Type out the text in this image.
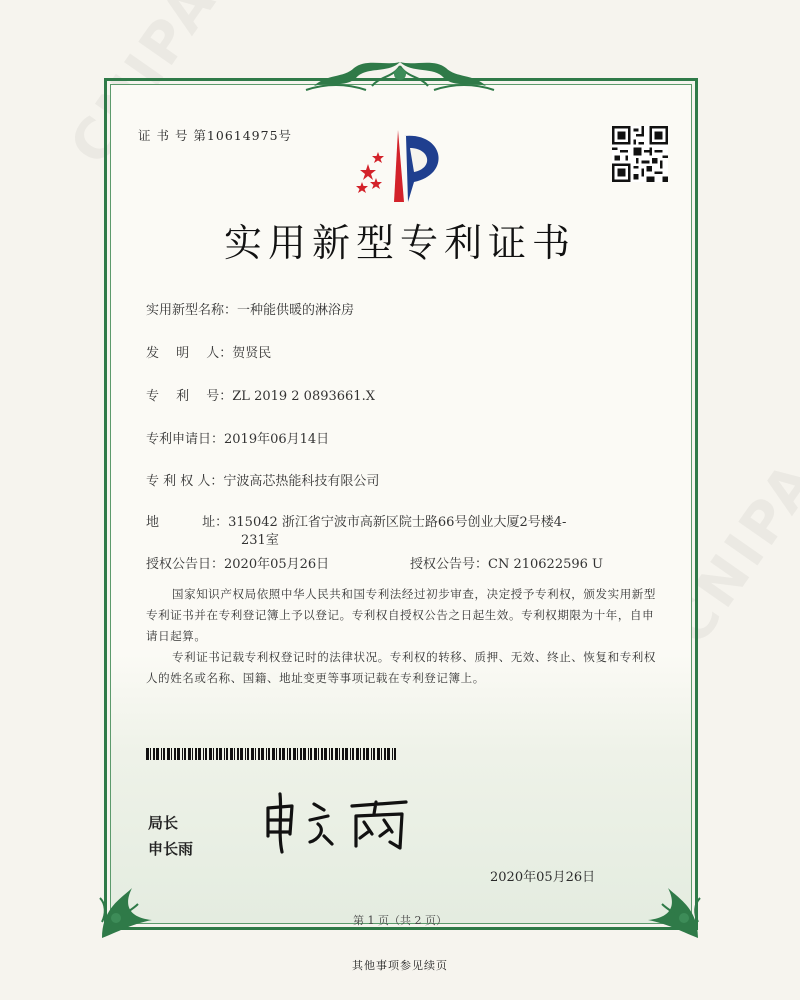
证 书 号 第10614975号
实用新型专利证书
实用新型名称：一种能供暖的淋浴房
发　 明　 人：贺贤民
专　 利　 号：ZL 2019 2 0893661.X
专利申请日：2019年06月14日
专 利 权 人：宁波高芯热能科技有限公司
地　　　 址：315042 浙江省宁波市高新区院士路66号创业大厦2号楼4-
231室
授权公告日：2020年05月26日	授权公告号：CN 210622596 U
国家知识产权局依照中华人民共和国专利法经过初步审查，决定授予专利权，颁发实用新型专利证书并在专利登记簿上予以登记。专利权自授权公告之日起生效。专利权期限为十年，自申请日起算。
专利证书记载专利权登记时的法律状况。专利权的转移、质押、无效、终止、恢复和专利权人的姓名或名称、国籍、地址变更等事项记载在专利登记簿上。
局长
申长雨
2020年05月26日
第 1 页（共 2 页）
其他事项参见续页
